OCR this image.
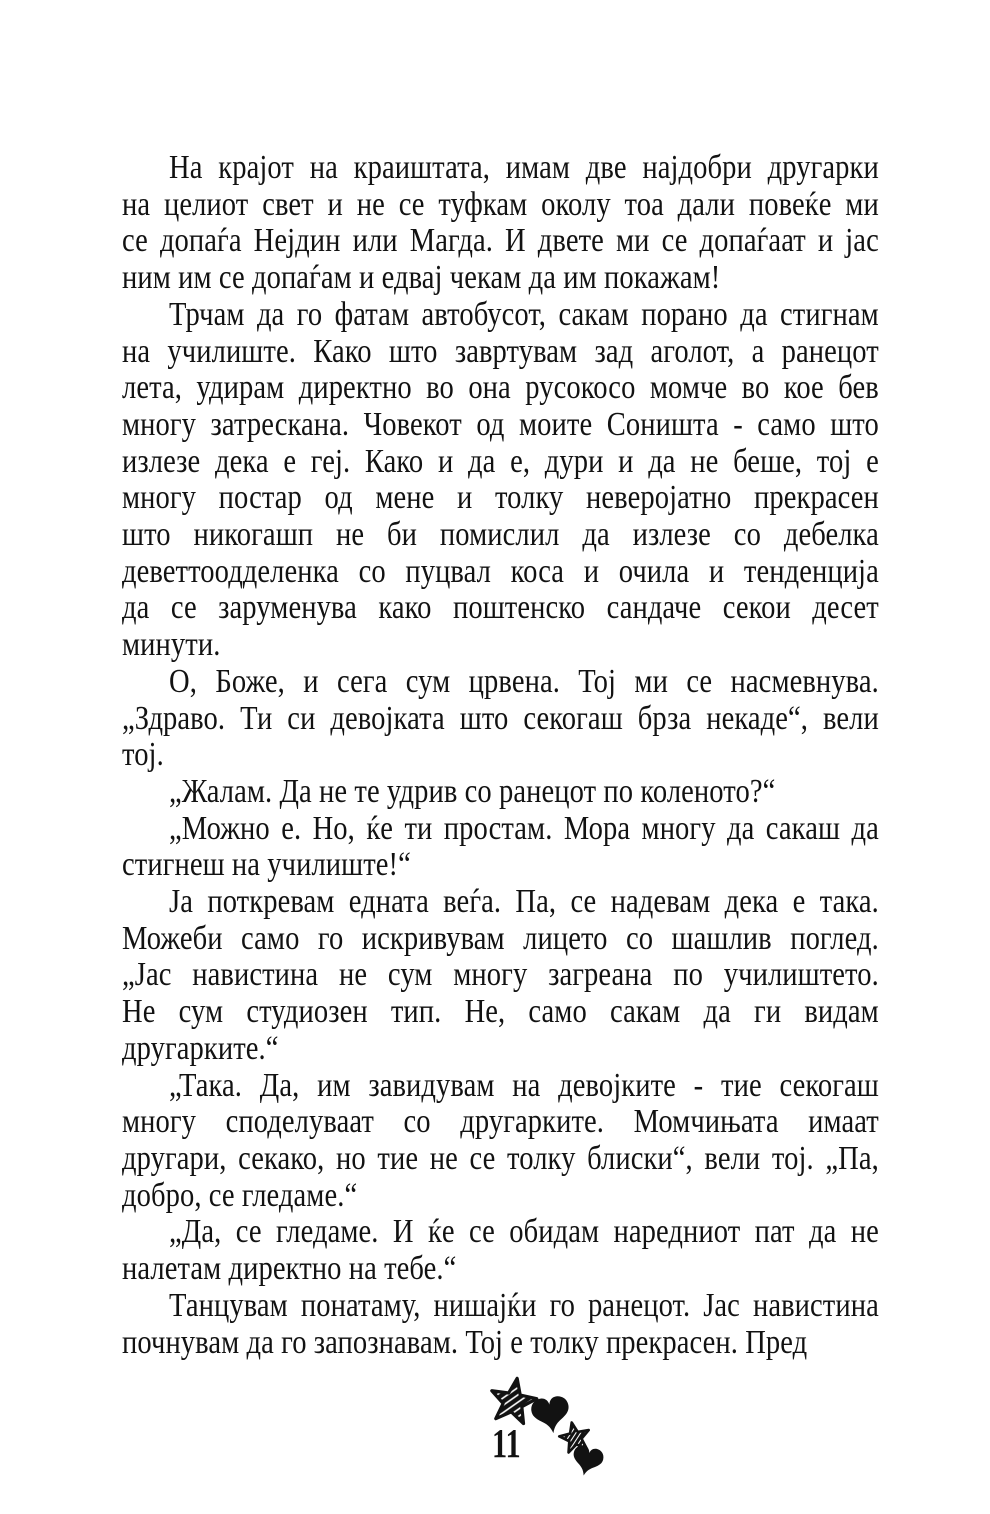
На крајот на краиштата, имам две најдобри другарки
на целиот свет и не се туфкам околу тоа дали повеќе ми
се допаѓа Нејдин или Магда. И двете ми се допаѓаат и јас
ним им се допаѓам и едвај чекам да им покажам!
Трчам да го фатам автобусот, сакам порано да стигнам
на училиште. Како што завртувам зад аголот, а ранецот
лета, удирам директно во она русокосо момче во кое бев
многу затрескана. Човекот од моите Соништа - само што
излезе дека е геј. Како и да е, дури и да не беше, тој е
многу постар од мене и толку неверојатно прекрасен
што никогашп не би помислил да излезе со дебелка
деветтоодделенка со пуцвал коса и очила и тенденција
да се заруменува како поштенско сандаче секои десет
минути.
О, Боже, и сега сум црвена. Тој ми се насмевнува.
„Здраво. Ти си девојката што секогаш брза некаде“, вели
тој.
„Жалам. Да не те удрив со ранецот по коленото?“
„Можно е. Но, ќе ти простам. Мора многу да сакаш да
стигнеш на училиште!“
Ја поткревам едната веѓа. Па, се надевам дека е така.
Можеби само го искривувам лицето со шашлив поглед.
„Јас навистина не сум многу загреана по училиштето.
Не сум студиозен тип. Не, само сакам да ги видам
другарките.“
„Така. Да, им завидувам на девојките - тие секогаш
многу споделуваат со другарките. Момчињата имаат
другари, секако, но тие не се толку блиски“, вели тој. „Па,
добро, се гледаме.“
„Да, се гледаме. И ќе се обидам наредниот пат да не
налетам директно на тебе.“
Танцувам понатаму, нишајќи го ранецот. Јас навистина
почнувам да го запознавам. Тој е толку прекрасен. Пред
11
